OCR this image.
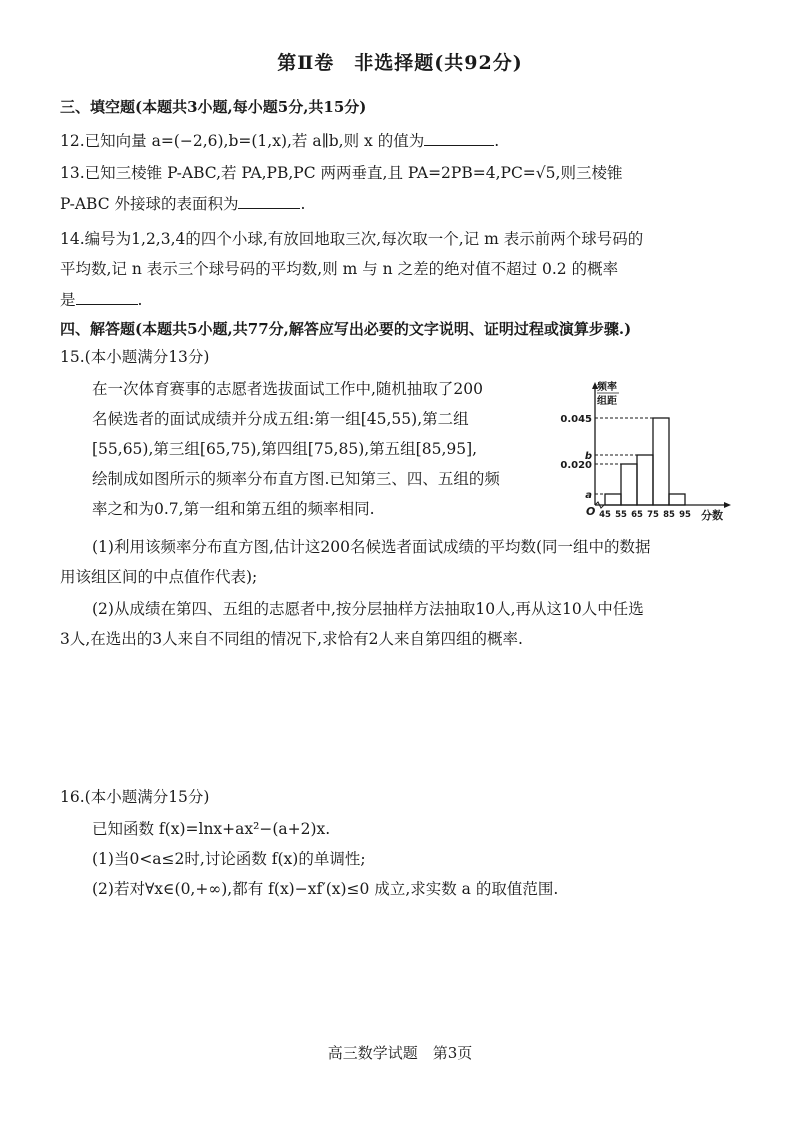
第Ⅱ卷　非选择题(共92分)
三、填空题(本题共3小题,每小题5分,共15分)
12.已知向量 a=(−2,6),b=(1,x),若 a∥b,则 x 的值为	.
13.已知三棱锥 P-ABC,若 PA,PB,PC 两两垂直,且 PA=2PB=4,PC=√5,则三棱锥
P-ABC 外接球的表面积为	.
14.编号为1,2,3,4的四个小球,有放回地取三次,每次取一个,记 m 表示前两个球号码的
平均数,记 n 表示三个球号码的平均数,则 m 与 n 之差的绝对值不超过 0.2 的概率
是	.
四、解答题(本题共5小题,共77分,解答应写出必要的文字说明、证明过程或演算步骤.)
15.(本小题满分13分)
在一次体育赛事的志愿者选拔面试工作中,随机抽取了200
名候选者的面试成绩并分成五组:第一组[45,55),第二组
[55,65),第三组[65,75),第四组[75,85),第五组[85,95],
绘制成如图所示的频率分布直方图.已知第三、四、五组的频
率之和为0.7,第一组和第五组的频率相同.
频率
组距
0.045
b
0.020
a
O 45 55 65 75 85 95 分数
(1)利用该频率分布直方图,估计这200名候选者面试成绩的平均数(同一组中的数据
用该组区间的中点值作代表);
(2)从成绩在第四、五组的志愿者中,按分层抽样方法抽取10人,再从这10人中任选
3人,在选出的3人来自不同组的情况下,求恰有2人来自第四组的概率.
16.(本小题满分15分)
已知函数 f(x)=lnx+ax²−(a+2)x.
(1)当0<a≤2时,讨论函数 f(x)的单调性;
(2)若对∀x∈(0,+∞),都有 f(x)−xf′(x)≤0 成立,求实数 a 的取值范围.
高三数学试题　第3页
